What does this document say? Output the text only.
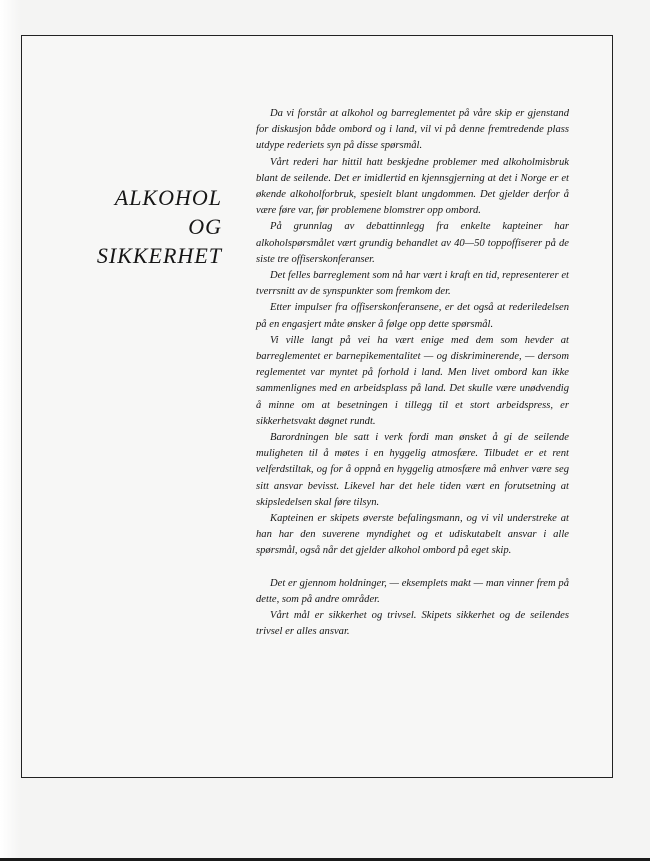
ALKOHOL
OG
SIKKERHET

Da vi forstår at alkohol og barreglementet på våre skip er gjenstand for diskusjon både ombord og i land, vil vi på denne fremtredende plass utdype rederiets syn på disse spørsmål.

Vårt rederi har hittil hatt beskjedne problemer med alkoholmisbruk blant de seilende. Det er imidlertid en kjennsgjerning at det i Norge er et økende alkoholforbruk, spesielt blant ungdommen. Det gjelder derfor å være føre var, før problemene blomstrer opp ombord.

På grunnlag av debattinnlegg fra enkelte kapteiner har alkoholspørsmålet vært grundig behandlet av 40—50 toppoffiserer på de siste tre offiserskonferanser.

Det felles barreglement som nå har vært i kraft en tid, representerer et tverrsnitt av de synspunkter som fremkom der.

Etter impulser fra offiserskonferansene, er det også at rederiledelsen på en engasjert måte ønsker å følge opp dette spørsmål.

Vi ville langt på vei ha vært enige med dem som hevder at barreglementet er barnepikementalitet — og diskriminerende, — dersom reglementet var myntet på forhold i land. Men livet ombord kan ikke sammenlignes med en arbeidsplass på land. Det skulle være unødvendig å minne om at besetningen i tillegg til et stort arbeidspress, er sikkerhetsvakt døgnet rundt.

Barordningen ble satt i verk fordi man ønsket å gi de seilende muligheten til å møtes i en hyggelig atmosfære. Tilbudet er et rent velferdstiltak, og for å oppnå en hyggelig atmosfære må enhver være seg sitt ansvar bevisst. Likevel har det hele tiden vært en forutsetning at skipsledelsen skal føre tilsyn.

Kapteinen er skipets øverste befalingsmann, og vi vil understreke at han har den suverene myndighet og et udiskutabelt ansvar i alle spørsmål, også når det gjelder alkohol ombord på eget skip.

Det er gjennom holdninger, — eksemplets makt — man vinner frem på dette, som på andre områder.

Vårt mål er sikkerhet og trivsel. Skipets sikkerhet og de seilendes trivsel er alles ansvar.
